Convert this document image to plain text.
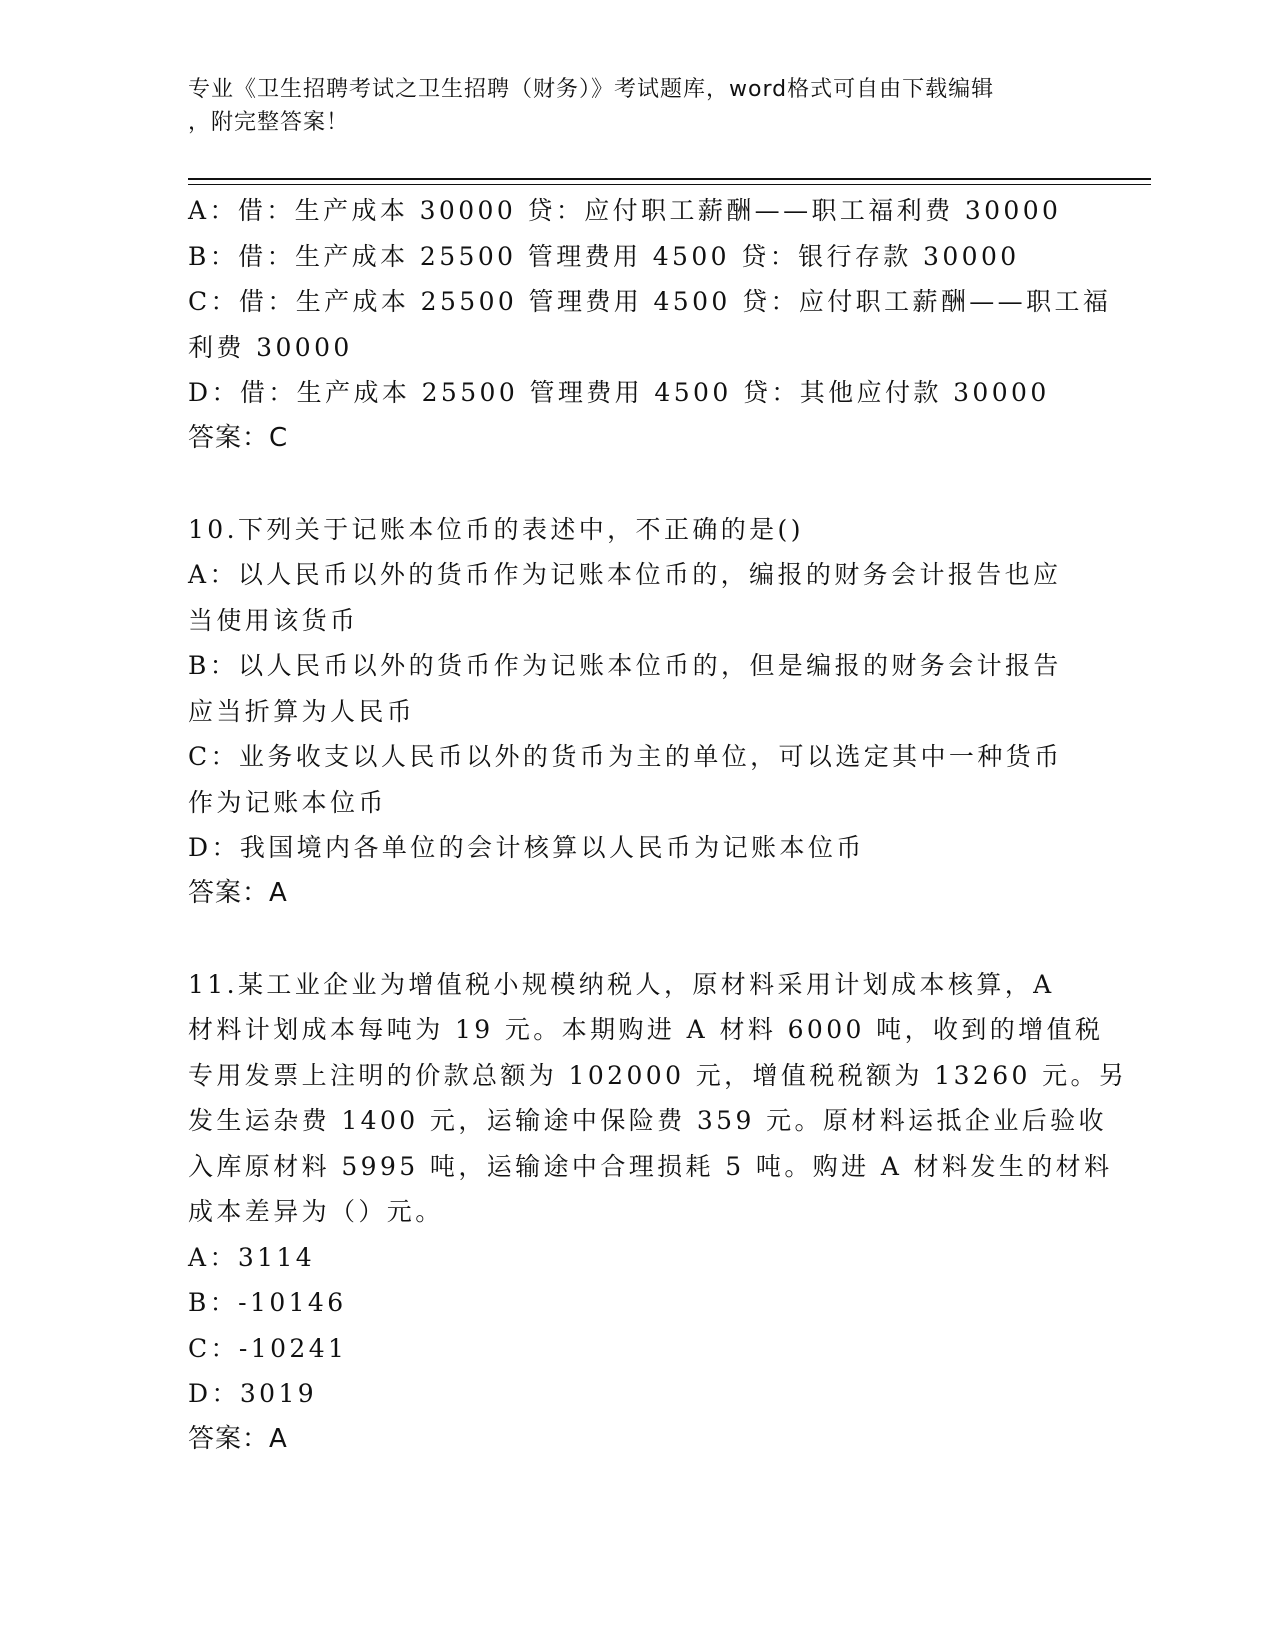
专业《卫生招聘考试之卫生招聘（财务）》考试题库，word格式可自由下载编辑
，附完整答案！

A：借：生产成本 30000 贷：应付职工薪酬——职工福利费 30000

B：借：生产成本 25500 管理费用 4500 贷：银行存款 30000

C：借：生产成本 25500 管理费用 4500 贷：应付职工薪酬——职工福

利费 30000

D：借：生产成本 25500 管理费用 4500 贷：其他应付款 30000

答案：C

10.下列关于记账本位币的表述中，不正确的是()

A：以人民币以外的货币作为记账本位币的，编报的财务会计报告也应

当使用该货币

B：以人民币以外的货币作为记账本位币的，但是编报的财务会计报告

应当折算为人民币

C：业务收支以人民币以外的货币为主的单位，可以选定其中一种货币

作为记账本位币

D：我国境内各单位的会计核算以人民币为记账本位币

答案：A

11.某工业企业为增值税小规模纳税人，原材料采用计划成本核算，A

材料计划成本每吨为 19 元。本期购进 A 材料 6000 吨，收到的增值税

专用发票上注明的价款总额为 102000 元，增值税税额为 13260 元。另

发生运杂费 1400 元，运输途中保险费 359 元。原材料运抵企业后验收

入库原材料 5995 吨，运输途中合理损耗 5 吨。购进 A 材料发生的材料

成本差异为（）元。

A：3114

B：-10146

C：-10241

D：3019

答案：A
